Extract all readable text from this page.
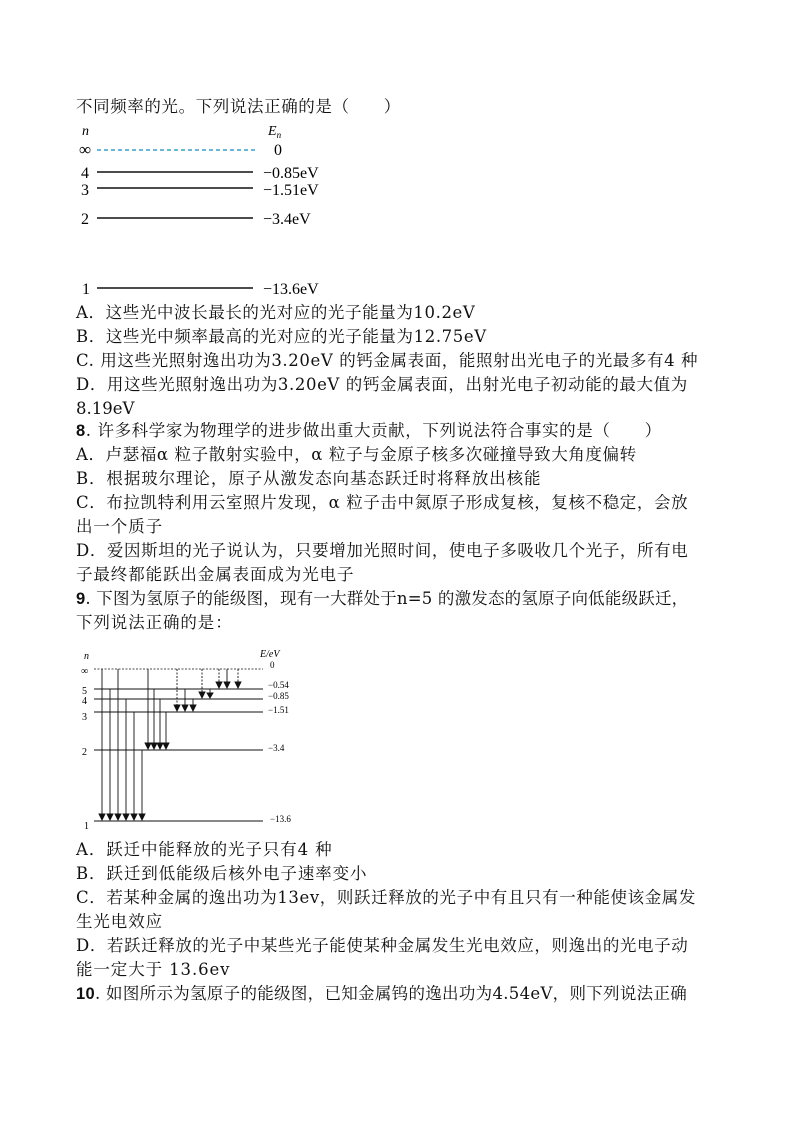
不同频率的光。下列说法正确的是（　　）
n	$E_n$
∞	0
4	−0.85eV
3	−1.51eV
2	−3.4eV
1	−13.6eV
A．这些光中波长最长的光对应的光子能量为10.2eV
B．这些光中频率最高的光对应的光子能量为12.75eV
C. 用这些光照射逸出功为3.20eV 的钙金属表面，能照射出光电子的光最多有4 种
D．用这些光照射逸出功为3.20eV 的钙金属表面，出射光电子初动能的最大值为
8.19eV
8. 许多科学家为物理学的进步做出重大贡献，下列说法符合事实的是（　　）
A．卢瑟福α 粒子散射实验中，α 粒子与金原子核多次碰撞导致大角度偏转
B．根据玻尔理论，原子从激发态向基态跃迁时将释放出核能
C．布拉凯特利用云室照片发现，α 粒子击中氮原子形成复核，复核不稳定，会放
出一个质子
D．爱因斯坦的光子说认为，只要增加光照时间，使电子多吸收几个光子，所有电
子最终都能跃出金属表面成为光电子
9. 下图为氢原子的能级图，现有一大群处于n=5 的激发态的氢原子向低能级跃迁，
下列说法正确的是：
n	E/eV
∞
0
5
−0.54
4	−0.85
3
−1.51
2	−3.4
1
−13.6
A．跃迁中能释放的光子只有4 种
B．跃迁到低能级后核外电子速率变小
C．若某种金属的逸出功为13ev，则跃迁释放的光子中有且只有一种能使该金属发
生光电效应
D．若跃迁释放的光子中某些光子能使某种金属发生光电效应，则逸出的光电子动
能一定大于 13.6ev
10. 如图所示为氢原子的能级图，已知金属钨的逸出功为4.54eV，则下列说法正确
